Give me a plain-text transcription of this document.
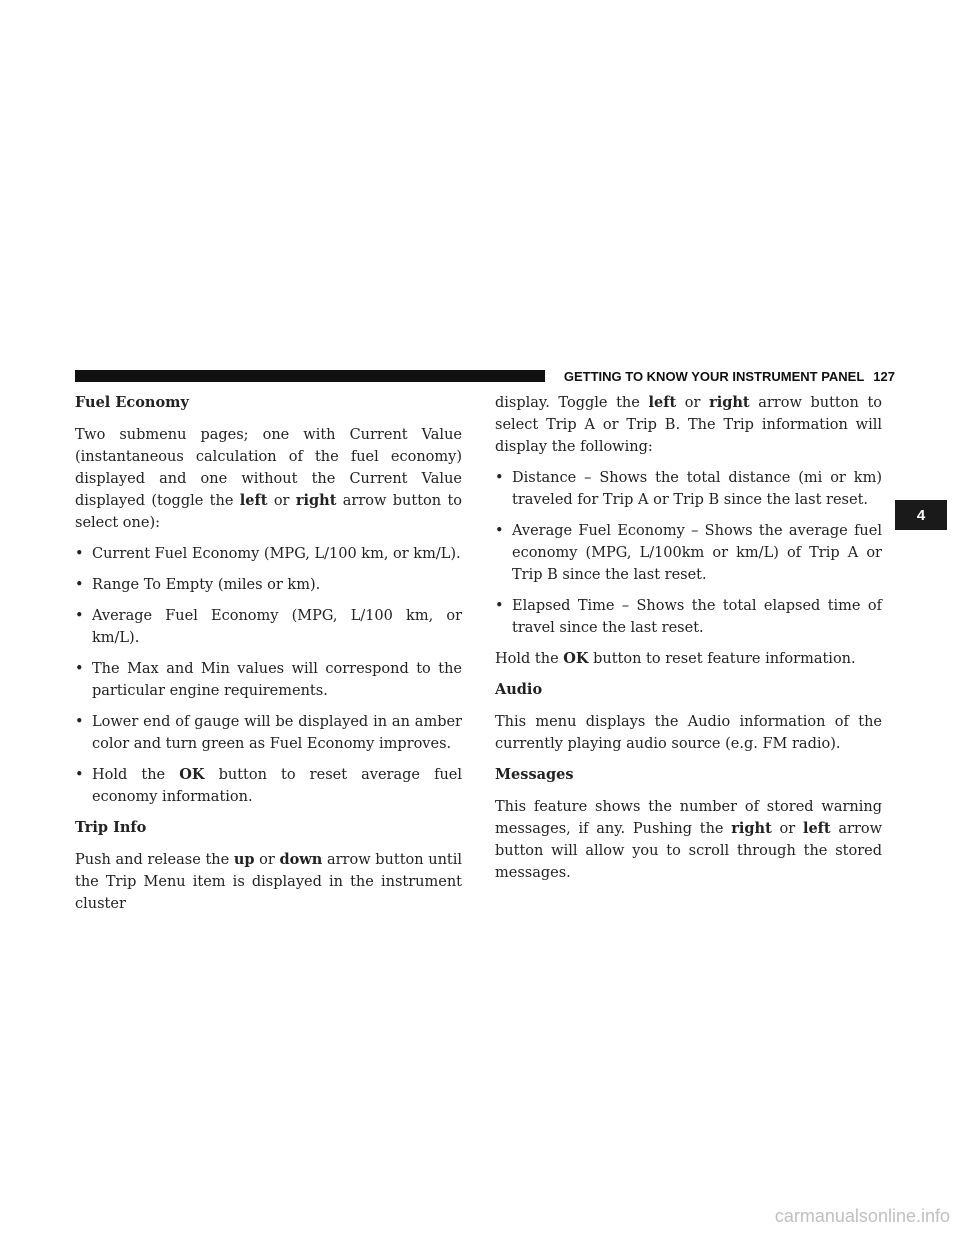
GETTING TO KNOW YOUR INSTRUMENT PANEL 127
4
Fuel Economy

Two submenu pages; one with Current Value (instantaneous calculation of the fuel economy) displayed and one without the Current Value displayed (toggle the left or right arrow button to select one):

• Current Fuel Economy (MPG, L/100 km, or km/L).
• Range To Empty (miles or km).
• Average Fuel Economy (MPG, L/100 km, or km/L).
• The Max and Min values will correspond to the particular engine requirements.
• Lower end of gauge will be displayed in an amber color and turn green as Fuel Economy improves.
• Hold the OK button to reset average fuel economy information.
Trip Info

Push and release the up or down arrow button until the Trip Menu item is displayed in the instrument cluster

display. Toggle the left or right arrow button to select Trip A or Trip B. The Trip information will display the following:

• Distance – Shows the total distance (mi or km) traveled for Trip A or Trip B since the last reset.
• Average Fuel Economy – Shows the average fuel economy (MPG, L/100km or km/L) of Trip A or Trip B since the last reset.
• Elapsed Time – Shows the total elapsed time of travel since the last reset.

Hold the OK button to reset feature information.

Audio

This menu displays the Audio information of the currently playing audio source (e.g. FM radio).

Messages

This feature shows the number of stored warning messages, if any. Pushing the right or left arrow button will allow you to scroll through the stored messages.

carmanualsonline.info
